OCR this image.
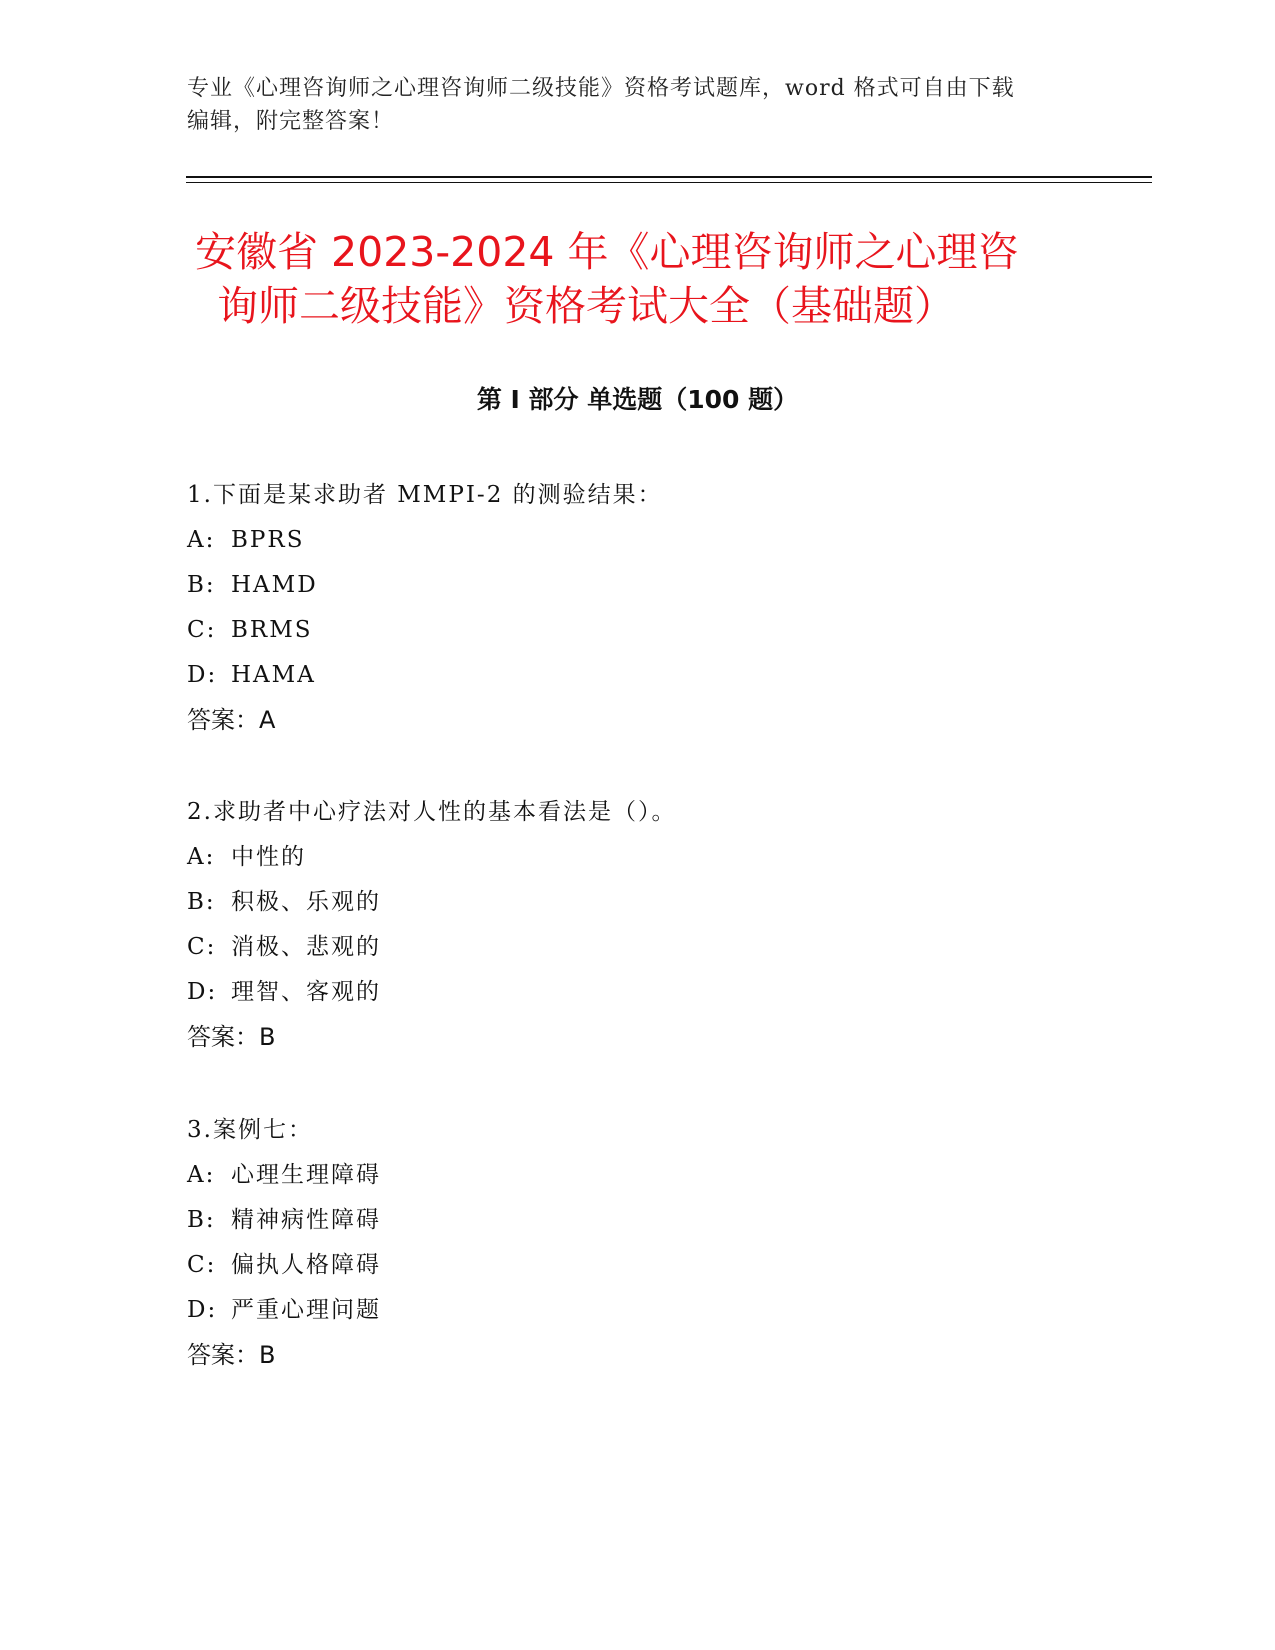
专业《心理咨询师之心理咨询师二级技能》资格考试题库，word 格式可自由下载
编辑，附完整答案！

安徽省 2023-2024 年《心理咨询师之心理咨
询师二级技能》资格考试大全（基础题）
第 I 部分 单选题（100 题）
1.下面是某求助者 MMPI-2 的测验结果：
A: BPRS
B: HAMD
C: BRMS
D: HAMA
答案：A
2.求助者中心疗法对人性的基本看法是（）。
A: 中性的
B: 积极、乐观的
C: 消极、悲观的
D: 理智、客观的
答案：B
3.案例七：
A: 心理生理障碍
B: 精神病性障碍
C: 偏执人格障碍
D: 严重心理问题
答案：B
